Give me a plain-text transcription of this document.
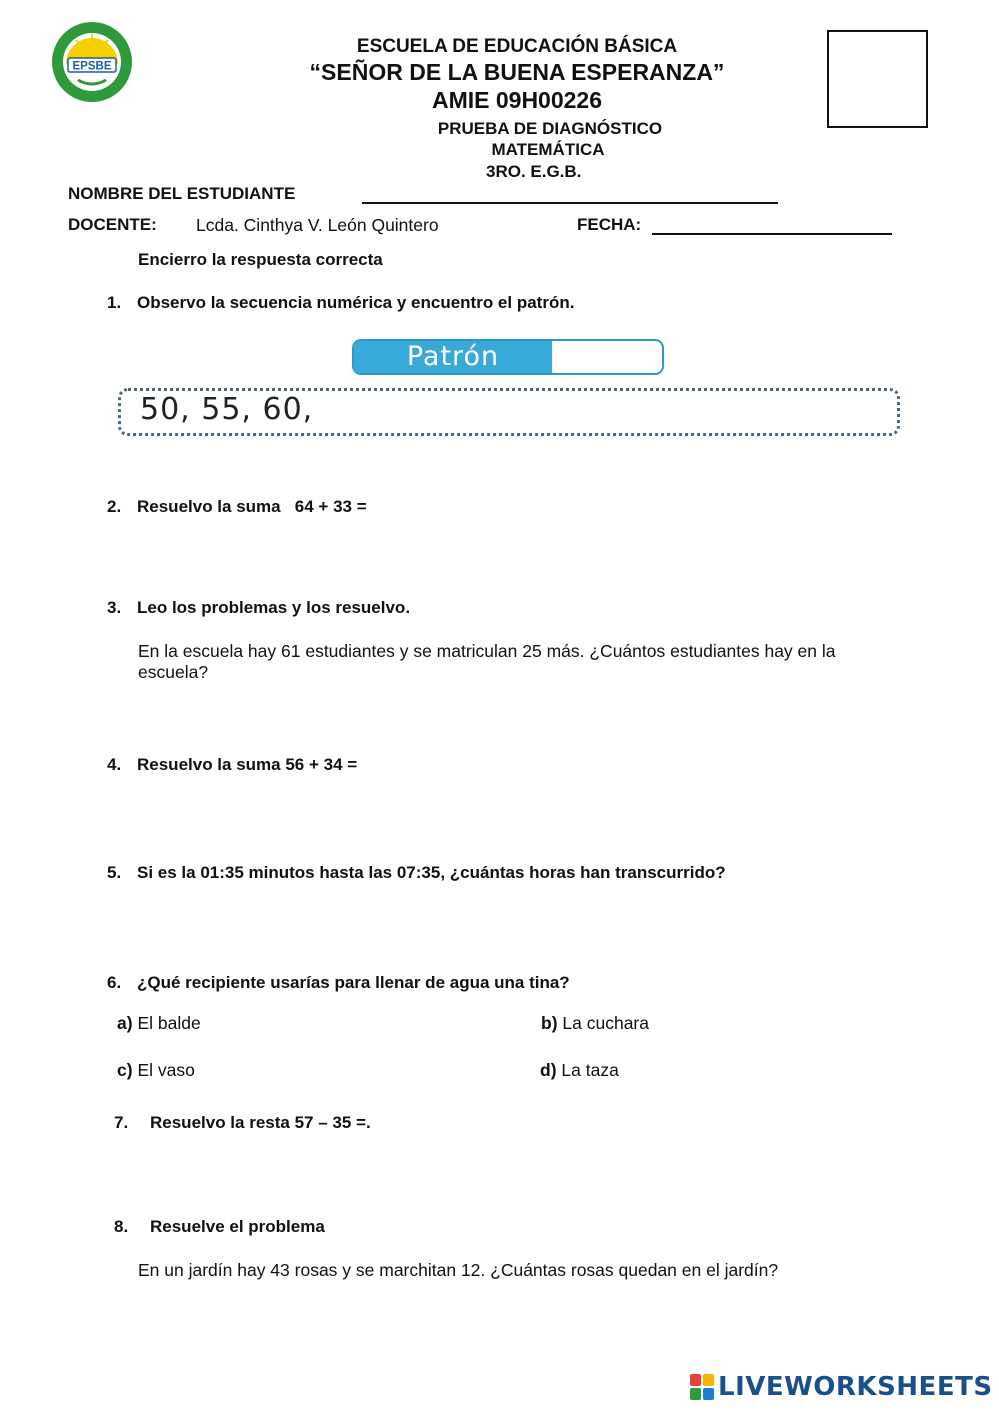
EPSBE
ESCUELA DE EDUCACIÓN BÁSICA
“SEÑOR DE LA BUENA ESPERANZA”
AMIE 09H00226
PRUEBA DE DIAGNÓSTICO
MATEMÁTICA
3RO. E.G.B.
NOMBRE DEL ESTUDIANTE
DOCENTE: Lcda. Cinthya V. León Quintero	FECHA:
Encierro la respuesta correcta
1. Observo la secuencia numérica y encuentro el patrón.
Patrón
50, 55, 60,
2. Resuelvo la suma   64 + 33 =
3. Leo los problemas y los resuelvo.
En la escuela hay 61 estudiantes y se matriculan 25 más. ¿Cuántos estudiantes hay en la escuela?
4. Resuelvo la suma 56 + 34 =
5. Si es la 01:35 minutos hasta las 07:35, ¿cuántas horas han transcurrido?
6. ¿Qué recipiente usarías para llenar de agua una tina?
a) El balde	b) La cuchara
c) El vaso	d) La taza
7. Resuelvo la resta 57 – 35 =.
8. Resuelve el problema
En un jardín hay 43 rosas y se marchitan 12. ¿Cuántas rosas quedan en el jardín?
LIVEWORKSHEETS
